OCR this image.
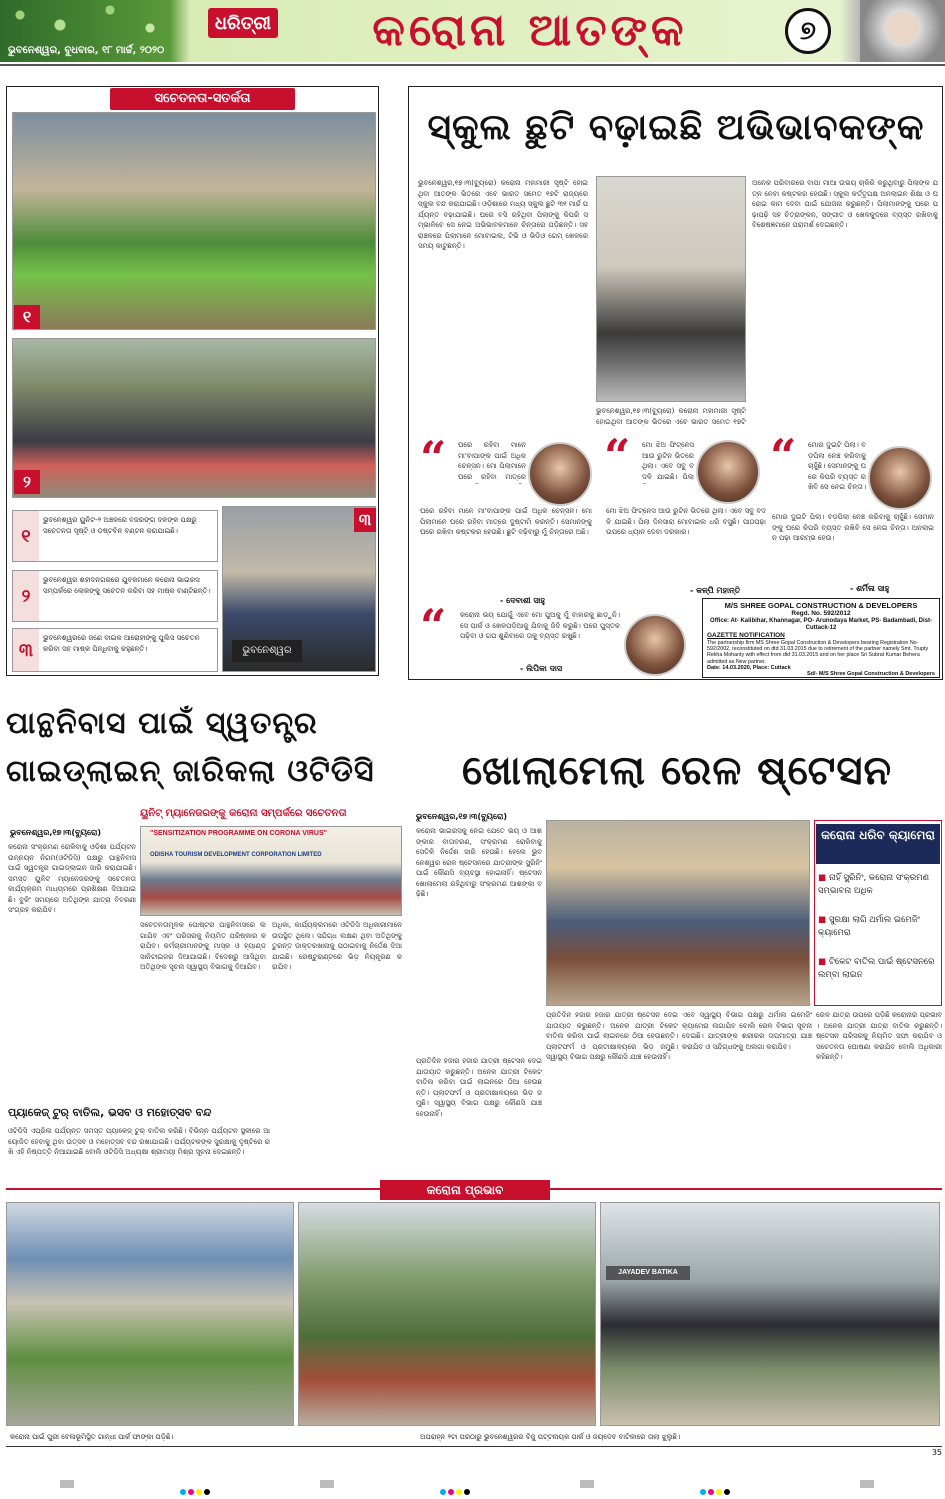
ଧରିତ୍ରୀ
ଭୁବନେଶ୍ୱର, ବୁଧବାର, ୧୮ ମାର୍ଚ୍ଚ, ୨୦୨୦	କରୋନା ଆତଙ୍କ	୭
ସଚେତନତା-ସତର୍କତା
୧
୨
ଭୁବନେଶ୍ୱର
୩
୧
ଭୁବନେଶ୍ୱର ୟୁନିଟ-୨ ଅଞ୍ଚଳରେ ବଜରଙ୍ଗ ଦଳଙ୍କ ପକ୍ଷରୁ ସଚେତନତା ସୃଷ୍ଟି ଓ ଡଷ୍ଟବିନ ବଣ୍ଟନ କରାଯାଇଛି।
୨
ଭୁବନେଶ୍ୱର ଶହୀଦନଗରରେ ଯୁବକମାନେ କରୋନା ଭାଇରସ ସମ୍ପର୍କରେ ଲୋକଙ୍କୁ ସଚେତନ କରିବା ସହ ମାଷ୍କ ବାଣ୍ଟିଛନ୍ତି।
୩
ଭୁବନେଶ୍ୱରରେ ଜଣେ ବାଇକ ଆରୋହୀଙ୍କୁ ପୁଲିସ ସଚେତନ କରିବା ସହ ମାଷ୍କ ପିନ୍ଧିବାକୁ କହୁଛନ୍ତି।
ସ୍କୁଲ ଛୁଟି ବଢ଼ାଇଛି ଅଭିଭାବକଙ୍କ
ଭୁବନେଶ୍ୱର,୧୭।୩(ବ୍ୟୁରୋ) କରୋନା ମହାମାରୀ ସୃଷ୍ଟି ହୋଇଥିବା ଆତଙ୍କ ଭିତରେ ଏବେ ଭାରତ ସମେତ ୧୭ଟି ରାଜ୍ୟରେ ସ୍କୁଲ ବନ୍ଦ କରାଯାଇଛି। ଓଡ଼ିଶାରେ ମଧ୍ୟ ସ୍କୁଲ ଛୁଟି ୩୧ ମାର୍ଚ୍ଚ ପର୍ଯ୍ୟନ୍ତ ବଢ଼ାଯାଇଛି। ଘରେ ବସି ରହିଥିବା ପିଲାଙ୍କୁ କିପରି ସମ୍ଭାଳିବେ ସେ ନେଇ ଅଭିଭାବକମାନେ ଚିନ୍ତାରେ ପଡ଼ିଛନ୍ତି। ସହରାଞ୍ଚଳରେ ପିଲାମାନେ ମୋବାଇଲ, ଟିଭି ଓ ଭିଡିଓ ଗେମ୍ ଖେଳରେ ସମୟ କାଟୁଛନ୍ତି।
ଅନେକ ପରିବାରରେ ବାପା ମାଆ ଉଭୟ ଚାକିରି କରୁଥିବାରୁ ପିଲାଙ୍କ ଯତ୍ନ ନେବା କଷ୍ଟକର ହେଉଛି। ସ୍କୁଲ କର୍ତ୍ତୃପକ୍ଷ ଅନଲାଇନ ଶିକ୍ଷା ଓ ଘରୋଇ କାମ ଦେବା ପାଇଁ ଯୋଜନା କରୁଛନ୍ତି। ପିଲାମାନଙ୍କୁ ଘରେ ପଢ଼ାପଢ଼ି ସହ ଚିତ୍ରାଙ୍କନ, ସଙ୍ଗୀତ ଓ ଖେଳକୁଦରେ ବ୍ୟସ୍ତ ରଖିବାକୁ ବିଶେଷଜ୍ଞମାନେ ପରାମର୍ଶ ଦେଇଛନ୍ତି।
ଭୁବନେଶ୍ୱର,୧୭।୩(ବ୍ୟୁରୋ) କରୋନା ମହାମାରୀ ସୃଷ୍ଟି ହୋଇଥିବା ଆତଙ୍କ ଭିତରେ ଏବେ ଭାରତ ସମେତ ୧୭ଟି
“	ଘରେ ରହିବା ମାନେ ମା'ବାପାଙ୍କ ପାଇଁ ଅଧିକ ଚେନ୍ସନ। ମୋ ପିଲାମାନେ ଘରେ ରହିବା ମାତ୍ରେ
ଘରେ ରହିବା ମାନେ ମା'ବାପାଙ୍କ ପାଇଁ ଅଧିକ ଚେନ୍ସନ। ମୋ ପିଲାମାନେ ଘରେ ରହିବା ମାତ୍ରେ ଦୁଷ୍ଟାମି କରନ୍ତି। ସେମାନଙ୍କୁ ଘରେ ରଖିବା କଷ୍ଟକର ହେଉଛି। ଛୁଟି ବଢ଼ିବାରୁ ମୁଁ ଚିନ୍ତାରେ ଅଛି।
- ଦେବାଶୀ ସାହୁ
“	ମୋ ଝିଅ ଫିଟ୍ନେସ ଆଉ ରୁଟିନ ଭିତରେ ଥିଲା। ଏବେ ସବୁ ବଦଳି ଯାଇଛି। ପିଲା
ମୋ ଝିଅ ଫିଟ୍ନେସ ଆଉ ରୁଟିନ ଭିତରେ ଥିଲା। ଏବେ ସବୁ ବଦଳି ଯାଇଛି। ପିଲା ଦିନସାରା ମୋବାଇଲ ଧରି ବସୁଛି। ପାଠପଢ଼ା ଉପରେ ଧ୍ୟାନ ଦେବା ଦରକାର।
- କଳ୍ପି ମହାନ୍ତି
“	ମୋର ଦୁଇଟି ପିଲା। ବଡ଼ପିଲା ନେଞ୍ଚ କରିବାକୁ ଚାହୁଁଛି। ସେମାନଙ୍କୁ ଘରେ କିପରି ବ୍ୟସ୍ତ ରଖିବି ସେ ନେଇ ଚିନ୍ତା।
ମୋର ଦୁଇଟି ପିଲା। ବଡ଼ପିଲା ନେଞ୍ଚ କରିବାକୁ ଚାହୁଁଛି। ସେମାନଙ୍କୁ ଘରେ କିପରି ବ୍ୟସ୍ତ ରଖିବି ସେ ନେଇ ଚିନ୍ତା। ଅନଲାଇନ ପଢ଼ା ଆରମ୍ଭ ହେଉ।
- ଶର୍ମିଳା ସାହୁ
“	କରୋନା ଭୟ ଯୋଗୁଁ ଏବେ ମୋ ପୁଅକୁ ମୁଁ ବାହାରକୁ ଛାଡ଼ୁନି। ସେ ପାର୍କ ଓ ଖେଳପଡ଼ିଆକୁ ଯିବାକୁ ଜିଦି କରୁଛି। ଘରେ ପୁସ୍ତକ ପଢ଼ିବା ଓ ଗପ ଶୁଣିବାରେ ତାକୁ ବ୍ୟସ୍ତ ରଖୁଛି।
- ଲିପିକା ଦାସ
M/S SHREE GOPAL CONSTRUCTION & DEVELOPERS
Regd. No. 592/2012
Office: At- Kalibihar, Khannagar, PO- Arunodaya Market, PS- Badambadi, Dist- Cuttack-12
GAZETTE NOTIFICATION
The partnership firm MS Shree Gopal Construction & Developers bearing Registration No-592/2002, reconstituted on dtd 31.03.2015 due to retirement of the partner namely Smt. Trupty Rekha Mohanty with effect from dtd 31.03.2015 and on her place Sri Subrat Kumar Behera admitted as New partner.
Date: 14.03.2020, Place: Cuttack
Sd/- M/S Shree Gopal Construction & Developers
ପାନ୍ଥନିବାସ ପାଇଁ ସ୍ୱତନ୍ତ୍ର
ଗାଇଡ୍‌ଲାଇନ୍ ଜାରିକଲା ଓଟିଡିସି
ଭୁବନେଶ୍ୱର,୧୭।୩(ବ୍ୟୁରୋ)
ୟୁନିଟ୍ ମ୍ୟାନେଜରଙ୍କୁ କରୋନା ସମ୍ପର୍କରେ ସଚେତନତା
"SENSITIZATION PROGRAMME ON CORONA VIRUS"
ODISHA TOURISM DEVELOPMENT CORPORATION LIMITED
କରୋନା ସଂକ୍ରମଣ ରୋକିବାକୁ ଓଡ଼ିଶା ପର୍ଯ୍ୟଟନ ଉନ୍ନୟନ ନିଗମ(ଓଟିଡିସି) ପକ୍ଷରୁ ପାନ୍ଥନିବାସ ପାଇଁ ସ୍ୱତନ୍ତ୍ର ଗାଇଡ୍‌ଲାଇନ ଜାରି କରାଯାଇଛି। ସମସ୍ତ ୟୁନିଟ ମ୍ୟାନେଜରଙ୍କୁ ସଚେତନତା କାର୍ଯ୍ୟକ୍ରମ ମାଧ୍ୟମରେ ପ୍ରଶିକ୍ଷଣ ଦିଆଯାଇଛି। ବୁକିଂ ସମୟରେ ଅତିଥିଙ୍କ ଯାତ୍ରା ବିବରଣୀ ସଂଗ୍ରହ କରାଯିବ।
ସଚେତନତାମୂଳକ ପୋଷ୍ଟର ପାନ୍ଥନିବାସରେ ଲଗାଯିବ ଏବଂ ପରିସରକୁ ନିୟମିତ ପରିଷ୍କାର କରାଯିବ। କର୍ମଚାରୀମାନଙ୍କୁ ମାସ୍କ ଓ ହ୍ୟାଣ୍ଡ ସାନିଟାଇଜର ଦିଆଯାଇଛି। ବିଦେଶରୁ ଆସିଥିବା ଅତିଥିଙ୍କ ସୂଚନା ସ୍ୱାସ୍ଥ୍ୟ ବିଭାଗକୁ ଦିଆଯିବ।
ଅଧିକା, କାର୍ଯ୍ୟକ୍ରମରେ ଓଟିଡିସି ଅଧିକାରୀମାନେ ଉପସ୍ଥିତ ଥିଲେ। ସନ୍ଦିଗ୍ଧ ଲକ୍ଷଣ ଥିବା ଅତିଥିଙ୍କୁ ତୁରନ୍ତ ଡାକ୍ତରଖାନାକୁ ପଠାଇବାକୁ ନିର୍ଦ୍ଦେଶ ଦିଆଯାଇଛି। ରେଷ୍ଟୁରାଣ୍ଟରେ ଭିଡ଼ ନିୟନ୍ତ୍ରଣ କରାଯିବ।
ପ୍ୟାକେଜ୍ ଟୁର୍ ବାତିଲ, ଭସବ ଓ ମହୋତ୍ସବ ବନ୍ଦ
ଓଟିଡିସି ଏପ୍ରିଲ ପର୍ଯ୍ୟନ୍ତ ସମସ୍ତ ପ୍ୟାକେଜ୍ ଟୁର୍ ବାତିଲ କରିଛି। ବିଭିନ୍ନ ପର୍ଯ୍ୟଟନ ସ୍ଥଳୀରେ ଆୟୋଜିତ ହେବାକୁ ଥିବା ଉତ୍ସବ ଓ ମହୋତ୍ସବ ବନ୍ଦ ରଖାଯାଇଛି। ପର୍ଯ୍ୟଟକଙ୍କ ସୁରକ୍ଷାକୁ ଦୃଷ୍ଟିରେ ରଖି ଏହି ନିଷ୍ପତ୍ତି ନିଆଯାଇଛି ବୋଲି ଓଟିଡିସି ଅଧ୍ୟକ୍ଷା ଶ୍ରୀମୟୀ ମିଶ୍ର ସୂଚନା ଦେଇଛନ୍ତି।
ଖୋଲାମେଲା ରେଳ ଷ୍ଟେସନ
ଭୁବନେଶ୍ୱର,୧୭।୩(ବ୍ୟୁରୋ)
କରୋନା ଭାଇରସକୁ ନେଇ ଯେତେ ଭୟ ଓ ଆଶଙ୍କାର ବାତାବରଣ, ସଂକ୍ରମଣ ରୋକିବାକୁ ସେତିକି ନିର୍ଦ୍ଦେଶ ଜାରି ହେଉଛି। ହେଲେ ଭୁବନେଶ୍ୱର ରେଳ ଷ୍ଟେସନରେ ଯାତ୍ରୀଙ୍କ ସ୍କ୍ରିନିଂ ପାଇଁ କୌଣସି ବ୍ୟବସ୍ଥା ହୋଇନାହିଁ। ଷ୍ଟେସନ ଖୋଲାମେଲା ରହିଥିବାରୁ ସଂକ୍ରମଣ ଆଶଙ୍କା ବଢ଼ିଛି।
କରୋନା ଧରିବ କ୍ୟାମେରା
■ ନାହିଁ ସ୍କ୍ରିନିଂ, କରୋନା ସଂକ୍ରମଣ ସମ୍ଭାବନା ଅଧିକ
■ ସୁରକ୍ଷା ଲାଗି ଥର୍ମାଲ ଇମେଜିଂ କ୍ୟାମେରା
■ ଟିକେଟ ବାତିଲ ପାଇଁ ଷ୍ଟେସନରେ ଲମ୍ବା ଲାଇନ
ପ୍ରତିଦିନ ହଜାର ହଜାର ଯାତ୍ରୀ ଷ୍ଟେସନ ଦେଇ ଯାତାୟାତ କରୁଛନ୍ତି। ଅନେକ ଯାତ୍ରୀ ଟିକେଟ ବାତିଲ କରିବା ପାଇଁ ଲାଇନରେ ଠିଆ ହେଉଛନ୍ତି। ପ୍ଲାଟଫର୍ମ ଓ ପ୍ରତୀକ୍ଷାଳୟରେ ଭିଡ଼ ଜମୁଛି। ସ୍ୱାସ୍ଥ୍ୟ ବିଭାଗ ପକ୍ଷରୁ କୌଣସି ଯାଞ୍ଚ ହେଉନାହିଁ।
ଏବେ ସ୍ୱାସ୍ଥ୍ୟ ବିଭାଗ ପକ୍ଷରୁ ଥର୍ମାଲ ଇମେଜିଂ କ୍ୟାମେରା ଲଗାଯିବ ବୋଲି ରେଳ ବିଭାଗ ସୂଚନା ଦେଇଛି। ଯାତ୍ରୀଙ୍କ ଶରୀରର ତାପମାତ୍ରା ଯାଞ୍ଚ କରାଯିବ ଓ ସନ୍ଦିଗ୍ଧଙ୍କୁ ଅଲଗା କରାଯିବ।
ରେଳ ଯାତ୍ରା ଉପରେ ପଡ଼ିଛି କରୋନାର ପ୍ରଭାବ। ଅନେକ ଯାତ୍ରୀ ଯାତ୍ରା ବାତିଲ କରୁଛନ୍ତି। ଷ୍ଟେସନ ପରିସରକୁ ନିୟମିତ ସଫା କରାଯିବ ଓ ସଚେତନତା ଘୋଷଣା କରାଯିବ ବୋଲି ଅଧିକାରୀ କହିଛନ୍ତି।
ପ୍ରତିଦିନ ହଜାର ହଜାର ଯାତ୍ରୀ ଷ୍ଟେସନ ଦେଇ ଯାତାୟାତ କରୁଛନ୍ତି। ଅନେକ ଯାତ୍ରୀ ଟିକେଟ ବାତିଲ କରିବା ପାଇଁ ଲାଇନରେ ଠିଆ ହେଉଛନ୍ତି। ପ୍ଲାଟଫର୍ମ ଓ ପ୍ରତୀକ୍ଷାଳୟରେ ଭିଡ଼ ଜମୁଛି। ସ୍ୱାସ୍ଥ୍ୟ ବିଭାଗ ପକ୍ଷରୁ କୌଣସି ଯାଞ୍ଚ ହେଉନାହିଁ।
କରୋନା ପ୍ରଭାବ
JAYADEV BATIKA
କରୋନା ପାଇଁ ପୁରୀ ବେଳାଭୂମିସ୍ଥିତ ଗାନ୍ଧୀ ପାର୍କ ଫାଙ୍କା ପଡ଼ିଛି।	ଅପରାହ୍ନ ୨ଟା ପରଠାରୁ ଭୁବନେଶ୍ୱରର ବିଜୁ ପଟ୍ଟନାୟକ ପାର୍କ ଓ ଜୟଦେବ ବାଟିକାରେ ତାଲା ଝୁଲୁଛି।
35
